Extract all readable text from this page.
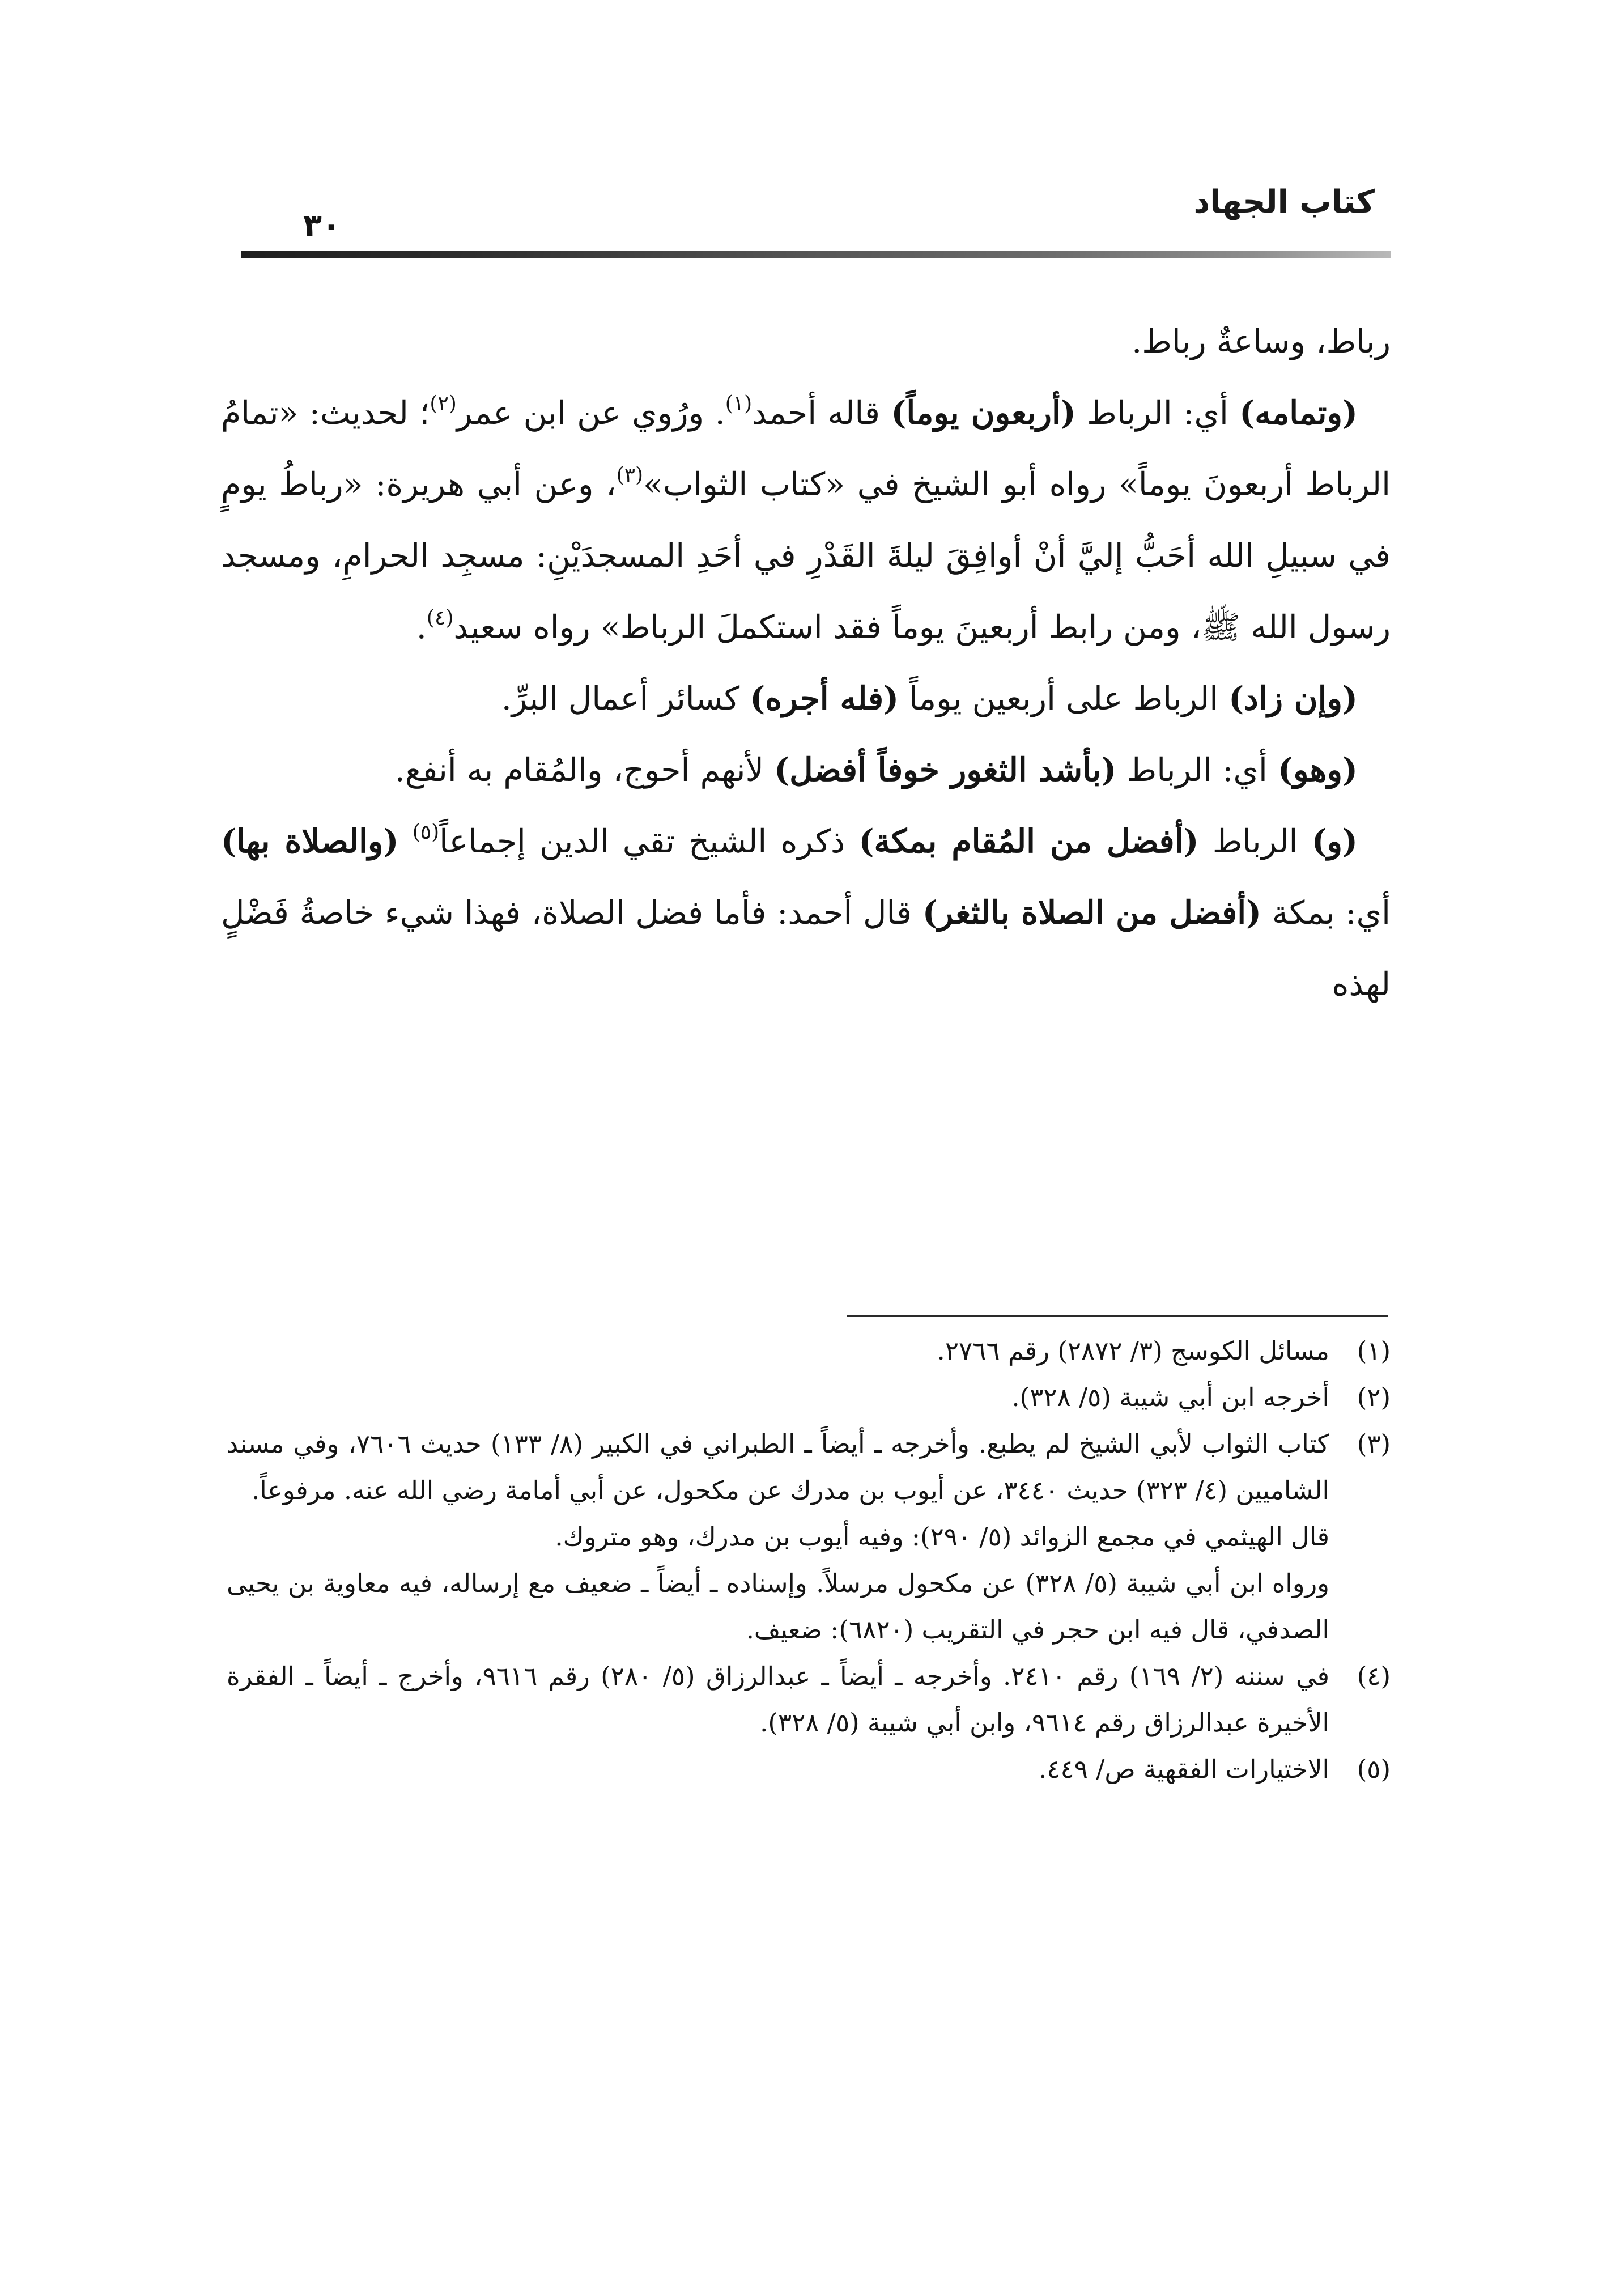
كتاب الجهاد
٣٠

رباط، وساعةٌ رباط.

(وتمامه) أي: الرباط (أربعون يوماً) قاله أحمد$^{(١)}$. ورُوي عن ابن عمر$^{(٢)}$؛ لحديث: «تمامُ الرباط أربعونَ يوماً» رواه أبو الشيخ في «كتاب الثواب»$^{(٣)}$، وعن أبي هريرة: «رباطُ يومٍ في سبيلِ الله أحَبُّ إليَّ أنْ أوافِقَ ليلةَ القَدْرِ في أحَدِ المسجدَيْنِ: مسجِد الحرامِ، ومسجد رسول الله ﷺ، ومن رابط أربعينَ يوماً فقد استكملَ الرباط» رواه سعيد$^{(٤)}$.

(وإن زاد) الرباط على أربعين يوماً (فله أجره) كسائر أعمال البرِّ.

(وهو) أي: الرباط (بأشد الثغور خوفاً أفضل) لأنهم أحوج، والمُقام به أنفع.

(و) الرباط (أفضل من المُقام بمكة) ذكره الشيخ تقي الدين إجماعاً$^{(٥)}$ (والصلاة بها) أي: بمكة (أفضل من الصلاة بالثغر) قال أحمد: فأما فضل الصلاة، فهذا شيء خاصةُ فَضْلٍ لهذه

(١)

مسائل الكوسج (٣/ ٢٨٧٢) رقم ٢٧٦٦.

(٢)

أخرجه ابن أبي شيبة (٥/ ٣٢٨).

(٣)

كتاب الثواب لأبي الشيخ لم يطبع. وأخرجه ـ أيضاً ـ الطبراني في الكبير (٨/ ١٣٣) حديث ٧٦٠٦، وفي مسند الشاميين (٤/ ٣٢٣) حديث ٣٤٤٠، عن أيوب بن مدرك عن مكحول، عن أبي أمامة رضي الله عنه. مرفوعاً.

قال الهيثمي في مجمع الزوائد (٥/ ٢٩٠): وفيه أيوب بن مدرك، وهو متروك.

ورواه ابن أبي شيبة (٥/ ٣٢٨) عن مكحول مرسلاً. وإسناده ـ أيضاً ـ ضعيف مع إرساله، فيه معاوية بن يحيى الصدفي، قال فيه ابن حجر في التقريب (٦٨٢٠): ضعيف.

(٤)

في سننه (٢/ ١٦٩) رقم ٢٤١٠. وأخرجه ـ أيضاً ـ عبدالرزاق (٥/ ٢٨٠) رقم ٩٦١٦، وأخرج ـ أيضاً ـ الفقرة الأخيرة عبدالرزاق رقم ٩٦١٤، وابن أبي شيبة (٥/ ٣٢٨).

(٥)

الاختيارات الفقهية ص/ ٤٤٩.
